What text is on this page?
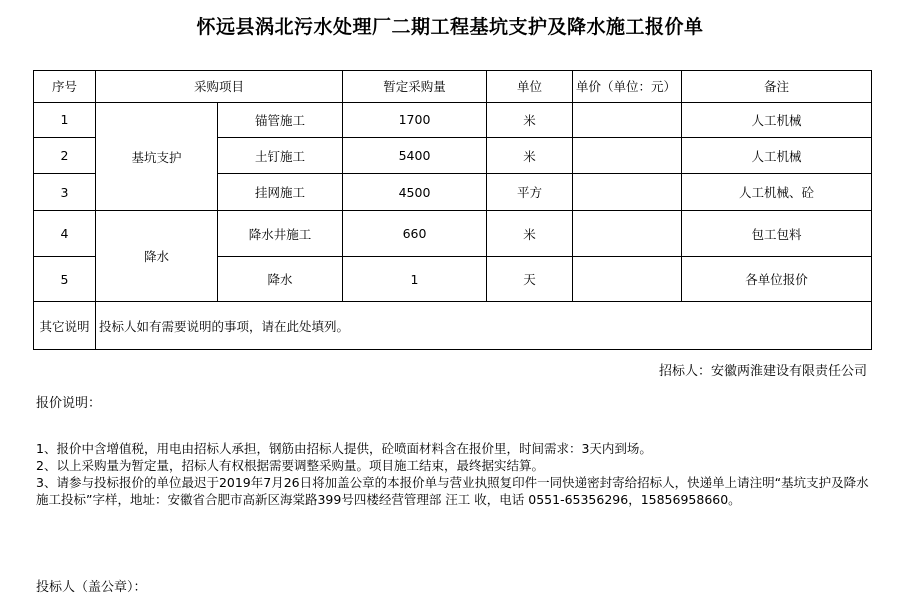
怀远县涡北污水处理厂二期工程基坑支护及降水施工报价单
序号	采购项目		暂定采购量	单位	单价（单位：元）	备注
1	基坑支护	锚管施工	1700	米		人工机械
2		土钉施工	5400	米		人工机械
3		挂网施工	4500	平方		人工机械、砼
4	降水	降水井施工	660	米		包工包料
5		降水	1	天		各单位报价
其它说明	投标人如有需要说明的事项，请在此处填列。					
招标人：安徽两淮建设有限责任公司
报价说明：
1、报价中含增值税，用电由招标人承担，钢筋由招标人提供，砼喷面材料含在报价里，时间需求：3天内到场。
2、以上采购量为暂定量，招标人有权根据需要调整采购量。项目施工结束，最终据实结算。
3、请参与投标报价的单位最迟于2019年7月26日将加盖公章的本报价单与营业执照复印件一同快递密封寄给招标人，快递单上请注明“基坑支护及降水施工投标”字样，地址：安徽省合肥市高新区海棠路399号四楼经营管理部 汪工 收，电话 0551-65356296，15856958660。
投标人（盖公章）：
